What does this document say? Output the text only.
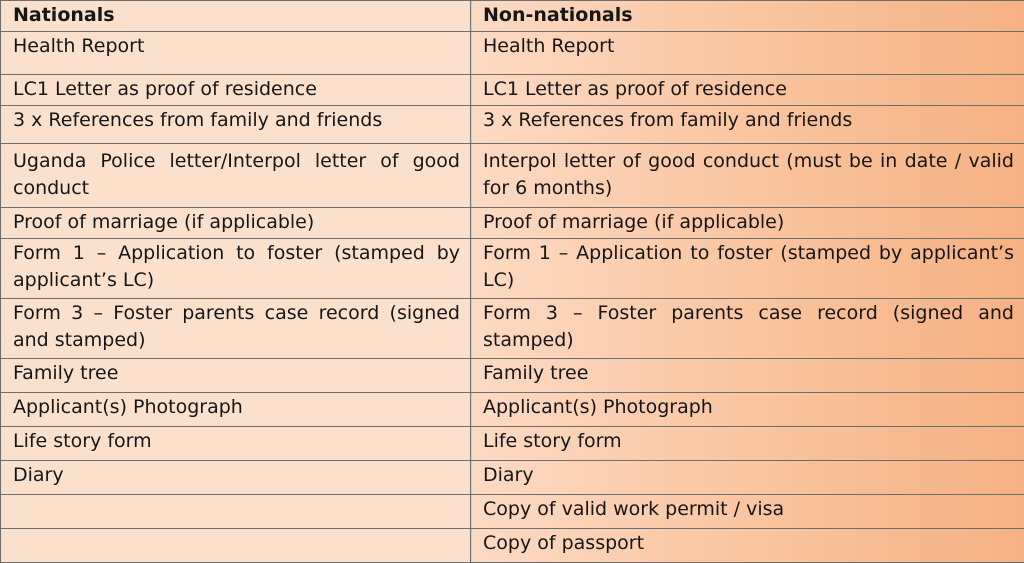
Nationals	Non-nationals
Health Report	Health Report
LC1 Letter as proof of residence	LC1 Letter as proof of residence
3 x References from family and friends	3 x References from family and friends
Uganda Police letter/Interpol letter of good conduct	Interpol letter of good conduct (must be in date / valid for 6 months)
Proof of marriage (if applicable)	Proof of marriage (if applicable)
Form 1 – Application to foster (stamped by applicant’s LC)	Form 1 – Application to foster (stamped by applicant’s LC)
Form 3 – Foster parents case record (signed and stamped)	Form 3 – Foster parents case record (signed and stamped)
Family tree	Family tree
Applicant(s) Photograph	Applicant(s) Photograph
Life story form	Life story form
Diary	Diary
	Copy of valid work permit / visa
	Copy of passport
